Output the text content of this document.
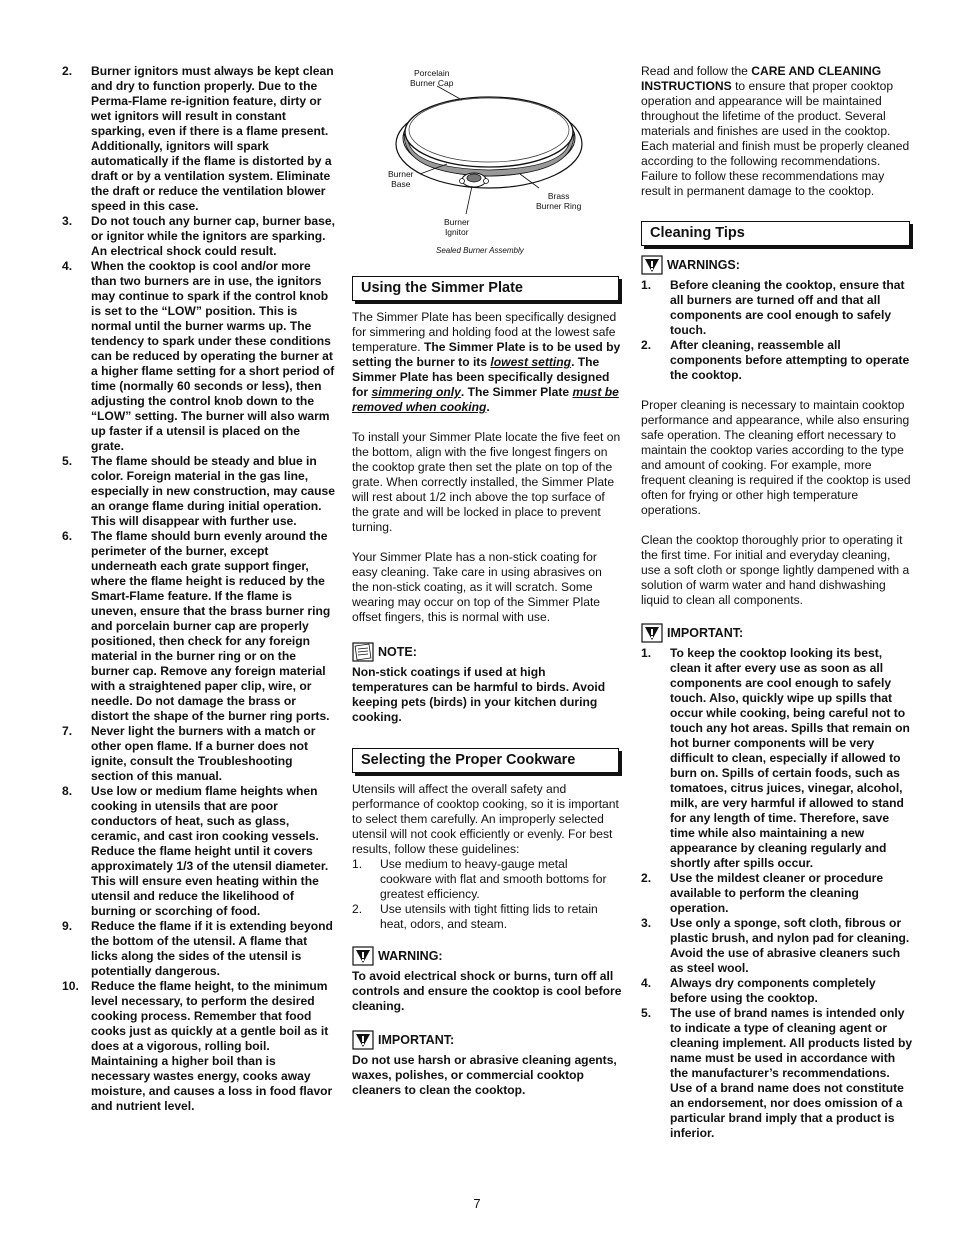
2.	Burner ignitors must always be kept clean and dry to function properly. Due to the Perma-Flame re-ignition feature, dirty or wet ignitors will result in constant sparking, even if there is a flame present. Additionally, ignitors will spark automatically if the flame is distorted by a draft or by a ventilation system. Eliminate the draft or reduce the ventilation blower speed in this case.
3.	Do not touch any burner cap, burner base, or ignitor while the ignitors are sparking. An electrical shock could result.
4.	When the cooktop is cool and/or more than two burners are in use, the ignitors may continue to spark if the control knob is set to the “LOW” position. This is normal until the burner warms up. The tendency to spark under these conditions can be reduced by operating the burner at a higher flame setting for a short period of time (normally 60 seconds or less), then adjusting the control knob down to the “LOW” setting. The burner will also warm up faster if a utensil is placed on the grate.
5.	The flame should be steady and blue in color. Foreign material in the gas line, especially in new construction, may cause an orange flame during initial operation. This will disappear with further use.
6.	The flame should burn evenly around the perimeter of the burner, except underneath each grate support finger, where the flame height is reduced by the Smart-Flame feature. If the flame is uneven, ensure that the brass burner ring and porcelain burner cap are properly positioned, then check for any foreign material in the burner ring or on the burner cap. Remove any foreign material with a straightened paper clip, wire, or needle. Do not damage the brass or distort the shape of the burner ring ports.
7.	Never light the burners with a match or other open flame. If a burner does not ignite, consult the Troubleshooting section of this manual.
8.	Use low or medium flame heights when cooking in utensils that are poor conductors of heat, such as glass, ceramic, and cast iron cooking vessels. Reduce the flame height until it covers approximately 1/3 of the utensil diameter. This will ensure even heating within the utensil and reduce the likelihood of burning or scorching of food.
9.	Reduce the flame if it is extending beyond the bottom of the utensil. A flame that licks along the sides of the utensil is potentially dangerous.
10.	Reduce the flame height, to the minimum level necessary, to perform the desired cooking process. Remember that food cooks just as quickly at a gentle boil as it does at a vigorous, rolling boil. Maintaining a higher boil than is necessary wastes energy, cooks away moisture, and causes a loss in food flavor and nutrient level.
Porcelain
Burner Cap
Burner
Base
Brass
Burner Ring
Burner
Ignitor
Sealed Burner Assembly
Using the Simmer Plate

The Simmer Plate has been specifically designed for simmering and holding food at the lowest safe temperature. The Simmer Plate is to be used by setting the burner to its lowest setting. The Simmer Plate has been specifically designed for simmering only. The Simmer Plate must be removed when cooking.

To install your Simmer Plate locate the five feet on the bottom, align with the five longest fingers on the cooktop grate then set the plate on top of the grate. When correctly installed, the Simmer Plate will rest about 1/2 inch above the top surface of the grate and will be locked in place to prevent turning.

Your Simmer Plate has a non-stick coating for easy cleaning. Take care in using abrasives on the non-stick coating, as it will scratch. Some wearing may occur on top of the Simmer Plate offset fingers, this is normal with use.

NOTE:

Non-stick coatings if used at high temperatures can be harmful to birds. Avoid keeping pets (birds) in your kitchen during cooking.

Selecting the Proper Cookware

Utensils will affect the overall safety and performance of cooktop cooking, so it is important to select them carefully. An improperly selected utensil will not cook efficiently or evenly. For best results, follow these guidelines:

1.	Use medium to heavy-gauge metal cookware with flat and smooth bottoms for greatest efficiency.
2.	Use utensils with tight fitting lids to retain heat, odors, and steam.
WARNING:

To avoid electrical shock or burns, turn off all controls and ensure the cooktop is cool before cleaning.

IMPORTANT:

Do not use harsh or abrasive cleaning agents, waxes, polishes, or commercial cooktop cleaners to clean the cooktop.

Read and follow the CARE AND CLEANING INSTRUCTIONS to ensure that proper cooktop operation and appearance will be maintained throughout the lifetime of the product. Several materials and finishes are used in the cooktop. Each material and finish must be properly cleaned according to the following recommendations. Failure to follow these recommendations may result in permanent damage to the cooktop.

Cleaning Tips
WARNINGS:
1.	Before cleaning the cooktop, ensure that all burners are turned off and that all components are cool enough to safely touch.
2.	After cleaning, reassemble all components before attempting to operate the cooktop.

Proper cleaning is necessary to maintain cooktop performance and appearance, while also ensuring safe operation. The cleaning effort necessary to maintain the cooktop varies according to the type and amount of cooking. For example, more frequent cleaning is required if the cooktop is used often for frying or other high temperature operations.

Clean the cooktop thoroughly prior to operating it the first time. For initial and everyday cleaning, use a soft cloth or sponge lightly dampened with a solution of warm water and hand dishwashing liquid to clean all components.

IMPORTANT:
1.	To keep the cooktop looking its best, clean it after every use as soon as all components are cool enough to safely touch. Also, quickly wipe up spills that occur while cooking, being careful not to touch any hot areas. Spills that remain on hot burner components will be very difficult to clean, especially if allowed to burn on. Spills of certain foods, such as tomatoes, citrus juices, vinegar, alcohol, milk, are very harmful if allowed to stand for any length of time. Therefore, save time while also maintaining a new appearance by cleaning regularly and shortly after spills occur.
2.	Use the mildest cleaner or procedure available to perform the cleaning operation.
3.	Use only a sponge, soft cloth, fibrous or plastic brush, and nylon pad for cleaning. Avoid the use of abrasive cleaners such as steel wool.
4.	Always dry components completely before using the cooktop.
5.	The use of brand names is intended only to indicate a type of cleaning agent or cleaning implement. All products listed by name must be used in accordance with the manufacturer’s recommendations. Use of a brand name does not constitute an endorsement, nor does omission of a particular brand imply that a product is inferior.
7
